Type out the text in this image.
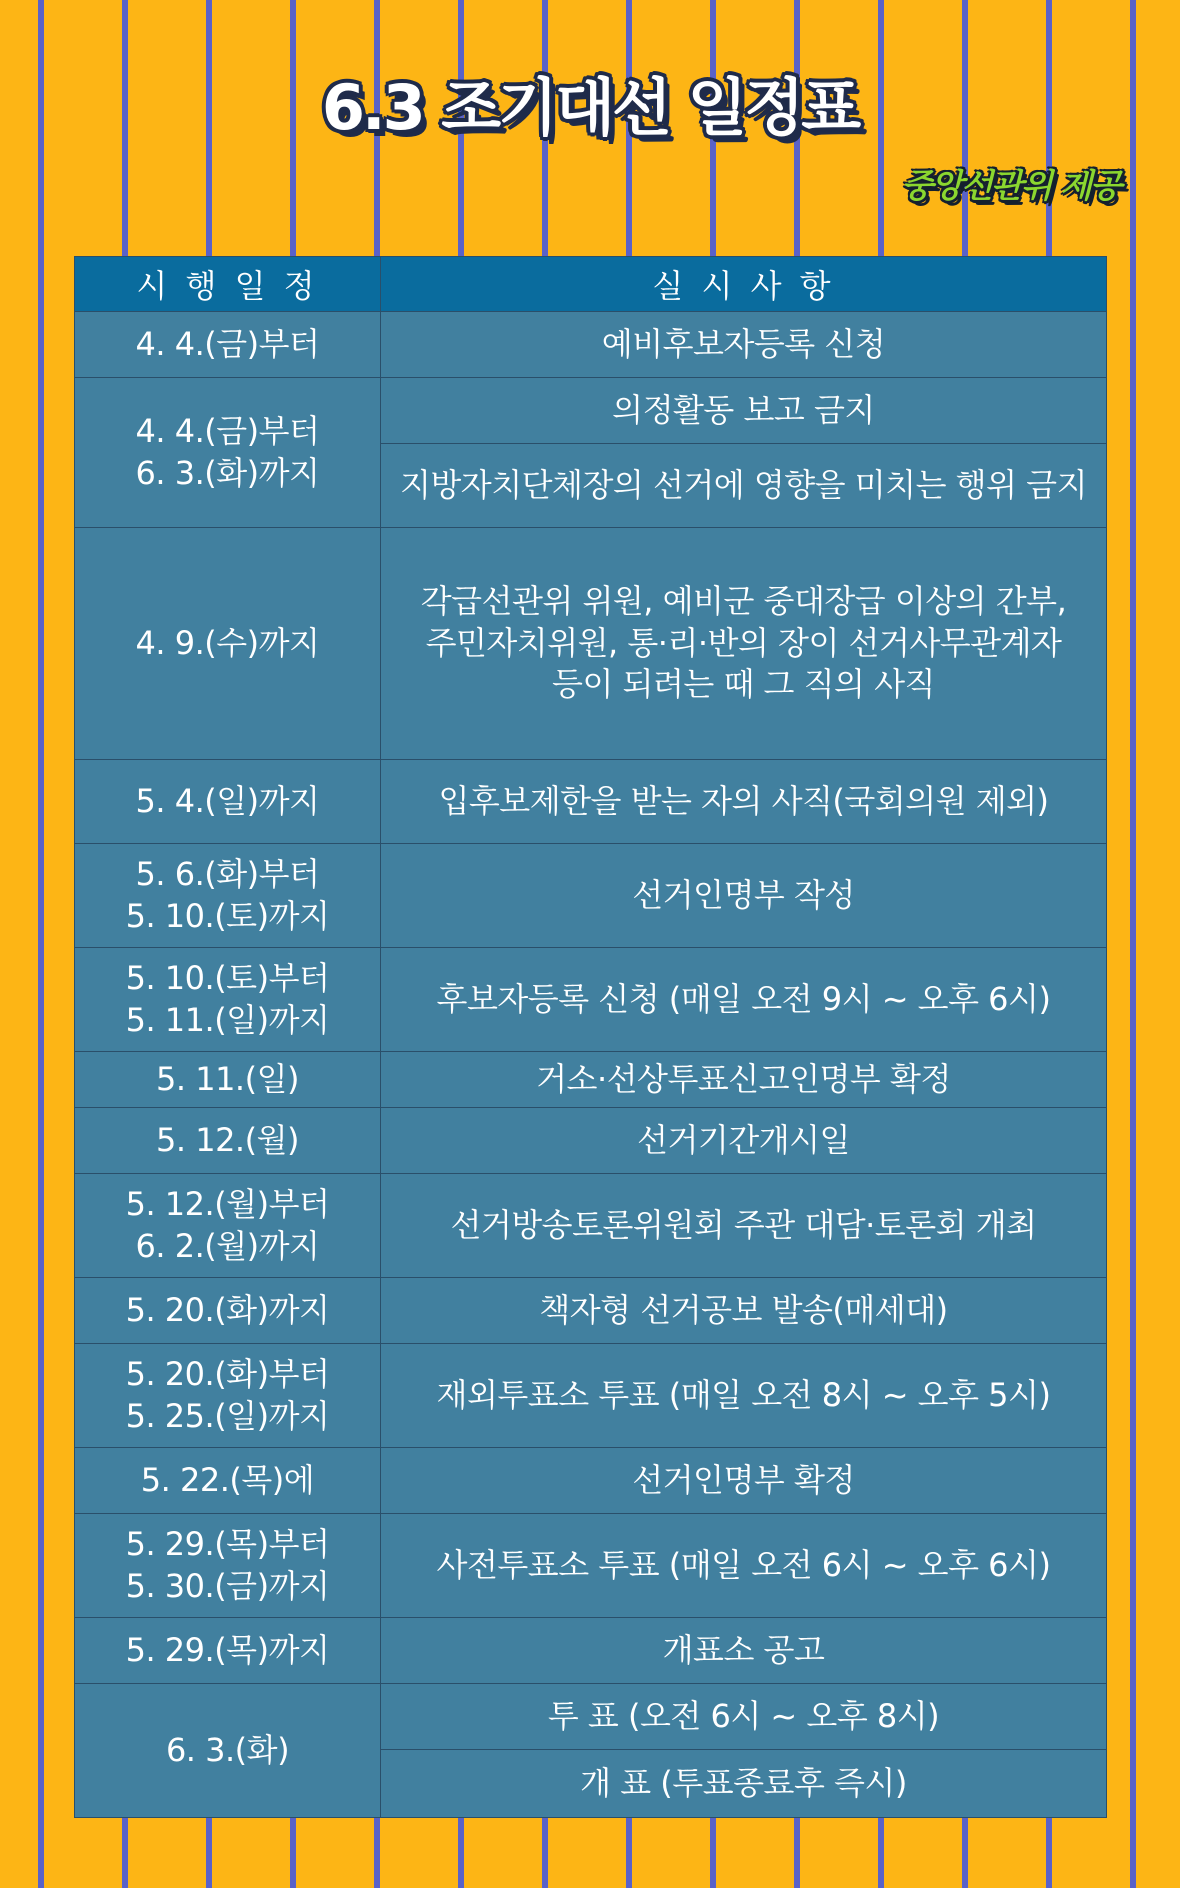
6.3 조기대선 일정표
중앙선관위 제공
시 행 일 정	실 시 사 항

4. 4.(금)부터	예비후보자등록 신청

4. 4.(금)부터
6. 3.(화)까지	의정활동 보고 금지

	지방자치단체장의 선거에 영향을 미치는 행위 금지

4. 9.(수)까지	각급선관위 위원, 예비군 중대장급 이상의 간부,
주민자치위원, 통·리·반의 장이 선거사무관계자
등이 되려는 때 그 직의 사직

5. 4.(일)까지	입후보제한을 받는 자의 사직(국회의원 제외)

5. 6.(화)부터
5. 10.(토)까지	선거인명부 작성

5. 10.(토)부터
5. 11.(일)까지	후보자등록 신청 (매일 오전 9시 ~ 오후 6시)

5. 11.(일)	거소·선상투표신고인명부 확정

5. 12.(월)	선거기간개시일

5. 12.(월)부터
6. 2.(월)까지	선거방송토론위원회 주관 대담·토론회 개최

5. 20.(화)까지	책자형 선거공보 발송(매세대)

5. 20.(화)부터
5. 25.(일)까지	재외투표소 투표 (매일 오전 8시 ~ 오후 5시)

5. 22.(목)에	선거인명부 확정

5. 29.(목)부터
5. 30.(금)까지	사전투표소 투표 (매일 오전 6시 ~ 오후 6시)

5. 29.(목)까지	개표소 공고

6. 3.(화)	투 표 (오전 6시 ~ 오후 8시)

	개 표 (투표종료후 즉시)
